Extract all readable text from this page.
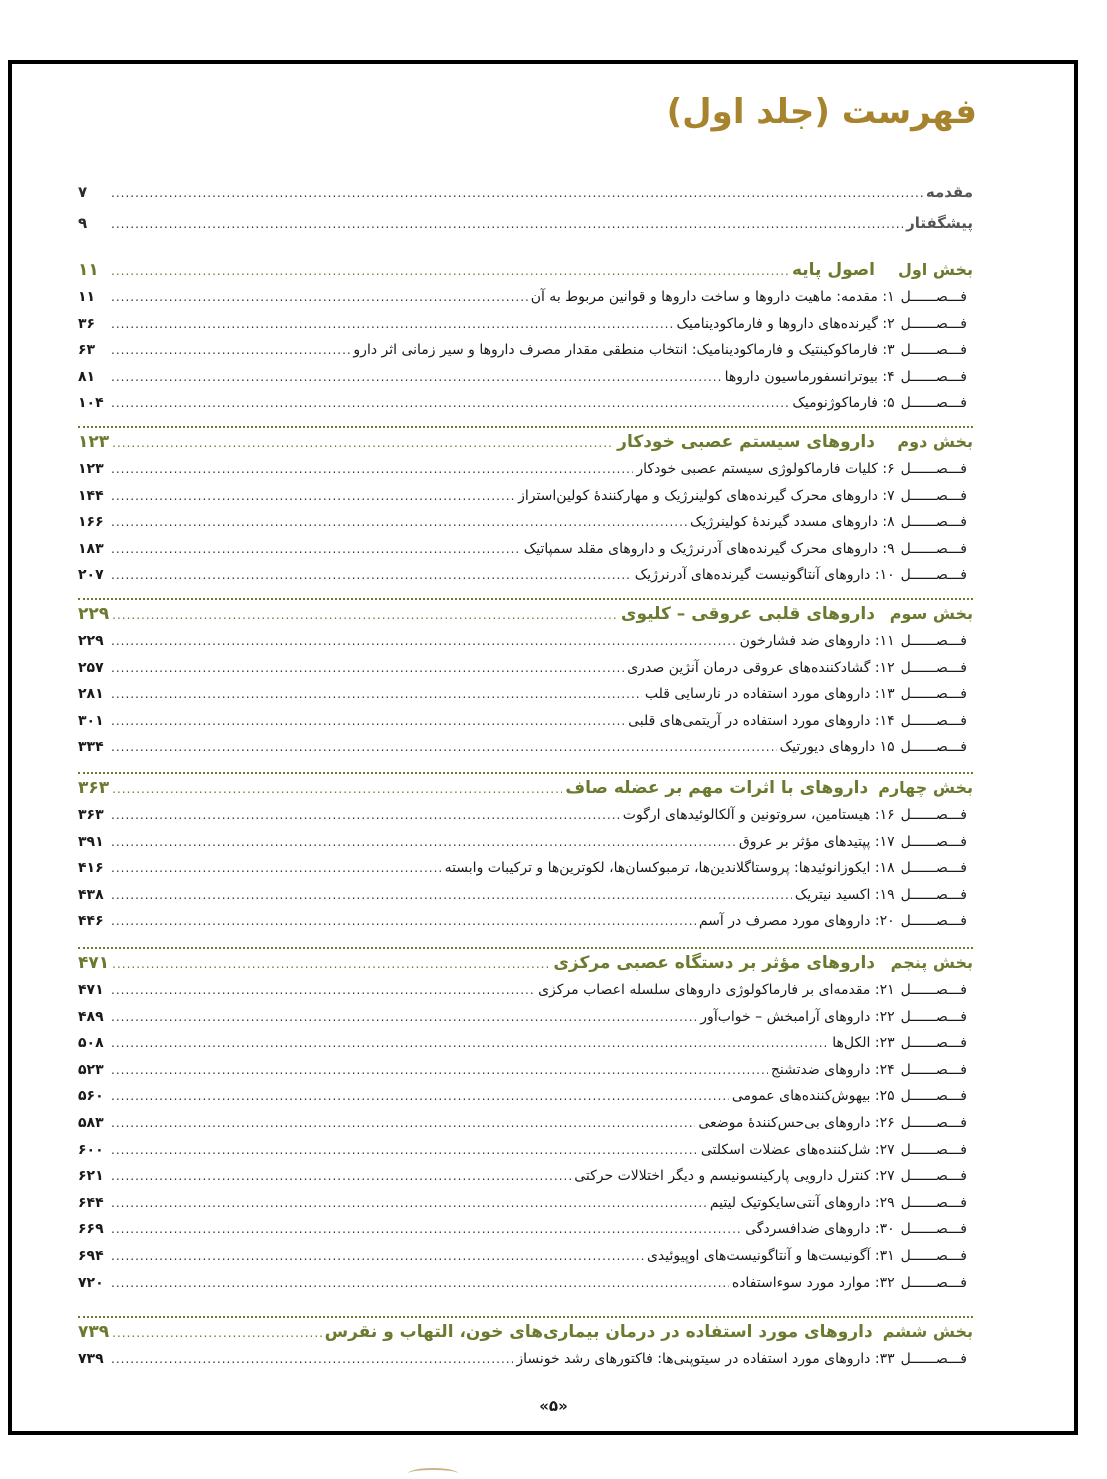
فهرست (جلد اول)
مقدمه
.....
۷
پیشگفتار
.....
۹
بخش اول
اصول پایه
.....
۱۱
فـــصــــــل۱: مقدمه: ماهیت داروها و ساخت داروها و قوانین مربوط به آن
.....
۱۱
فـــصــــــل۲: گیرنده‌های داروها و فارماکودینامیک
.....
۳۶
فـــصــــــل۳: فارماکوکینتیک و فارماکودینامیک: انتخاب منطقی مقدار مصرف داروها و سیر زمانی اثر دارو
.....
۶۳
فـــصــــــل۴: بیوترانسفورماسیون داروها
.....
۸۱
فـــصــــــل۵: فارماکوژنومیک
.....
۱۰۴
بخش دوم
داروهای سیستم عصبی خودکار
.....
۱۲۳
فـــصــــــل۶: کلیات فارماکولوژی سیستم عصبی خودکار
.....
۱۲۳
فـــصــــــل۷: داروهای محرک گیرنده‌های کولینرژیک و مهارکنندهٔ کولین‌استراز
.....
۱۴۴
فـــصــــــل۸: داروهای مسدد گیرندهٔ کولینرژیک
.....
۱۶۶
فـــصــــــل۹: داروهای محرک گیرنده‌های آدرنرژیک و داروهای مقلد سمپاتیک
.....
۱۸۳
فـــصــــــل۱۰: داروهای آنتاگونیست گیرنده‌های آدرنرژیک
.....
۲۰۷
بخش سوم
داروهای قلبی عروقی – کلیوی
.....
۲۲۹
فـــصــــــل۱۱: داروهای ضد فشارخون
.....
۲۲۹
فـــصــــــل۱۲: گشادکننده‌های عروقی درمان آنژین صدری
.....
۲۵۷
فـــصــــــل۱۳: داروهای مورد استفاده در نارسایی قلب
.....
۲۸۱
فـــصــــــل۱۴: داروهای مورد استفاده در آریتمی‌های قلبی
.....
۳۰۱
فـــصــــــل۱۵ داروهای دیورتیک
.....
۳۳۴
بخش چهارم
داروهای با اثرات مهم بر عضله صاف
.....
۳۶۳
فـــصــــــل۱۶: هیستامین، سروتونین و آلکالوئیدهای ارگوت
.....
۳۶۳
فـــصــــــل۱۷: پپتیدهای مؤثر بر عروق
.....
۳۹۱
فـــصــــــل۱۸: ایکوزانوئیدها: پروستاگلاندین‌ها، ترمبوکسان‌ها، لکوترین‌ها و ترکیبات وابسته
.....
۴۱۶
فـــصــــــل۱۹: اکسید نیتریک
.....
۴۳۸
فـــصــــــل۲۰: داروهای مورد مصرف در آسم
.....
۴۴۶
بخش پنجم
داروهای مؤثر بر دستگاه عصبی مرکزی
.....
۴۷۱
فـــصــــــل۲۱: مقدمه‌ای بر فارماکولوژی داروهای سلسله اعصاب مرکزی
.....
۴۷۱
فـــصــــــل۲۲: داروهای آرامبخش – خواب‌آور
.....
۴۸۹
فـــصــــــل۲۳: الکل‌ها
.....
۵۰۸
فـــصــــــل۲۴: داروهای ضدتشنج
.....
۵۲۳
فـــصــــــل۲۵: بیهوش‌کننده‌های عمومی
.....
۵۶۰
فـــصــــــل۲۶: داروهای بی‌حس‌کنندهٔ موضعی
.....
۵۸۳
فـــصــــــل۲۷: شل‌کننده‌های عضلات اسکلتی
.....
۶۰۰
فـــصــــــل۲۷: کنترل دارویی پارکینسونیسم و دیگر اختلالات حرکتی
.....
۶۲۱
فـــصــــــل۲۹: داروهای آنتی‌سایکوتیک لیتیم
.....
۶۴۴
فـــصــــــل۳۰: داروهای ضدافسردگی
.....
۶۶۹
فـــصــــــل۳۱: آگونیست‌ها و آنتاگونیست‌های اوپیوئیدی
.....
۶۹۴
فـــصــــــل۳۲: موارد مورد سوءاستفاده
.....
۷۲۰
بخش ششم
داروهای مورد استفاده در درمان بیماری‌های خون، التهاب و نقرس
.....
۷۳۹
فـــصــــــل۳۳: داروهای مورد استفاده در سیتوپنی‌ها: فاکتورهای رشد خونساز
.....
۷۳۹
«۵»
